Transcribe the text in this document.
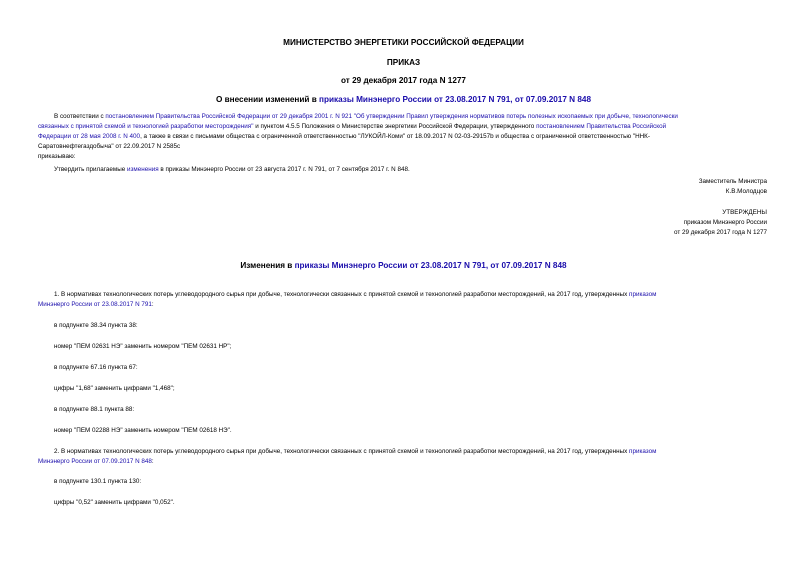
МИНИСТЕРСТВО ЭНЕРГЕТИКИ РОССИЙСКОЙ ФЕДЕРАЦИИ
ПРИКАЗ
от 29 декабря 2017 года N 1277
О внесении изменений в приказы Минэнерго России от 23.08.2017 N 791, от 07.09.2017 N 848
В соответствии с постановлением Правительства Российской Федерации от 29 декабря 2001 г. N 921 "Об утверждении Правил утверждения нормативов потерь полезных ископаемых при добыче, технологически
связанных с принятой схемой и технологией разработки месторождения" и пунктом 4.5.5 Положения о Министерстве энергетики Российской Федерации, утвержденного постановлением Правительства Российской
Федерации от 28 мая 2008 г. N 400, а также в связи с письмами общества с ограниченной ответственностью "ЛУКОЙЛ-Коми" от 18.09.2017 N 02-03-29157b и общества с ограниченной ответственностью "ННК-
Саратовнефтегаздобыча" от 22.09.2017 N 2585с
приказываю:
Утвердить прилагаемые изменения в приказы Минэнерго России от 23 августа 2017 г. N 791, от 7 сентября 2017 г. N 848.
Заместитель Министра
К.В.Молодцов
УТВЕРЖДЕНЫ
приказом Минэнерго России
от 29 декабря 2017 года N 1277
Изменения в приказы Минэнерго России от 23.08.2017 N 791, от 07.09.2017 N 848
1. В нормативах технологических потерь углеводородного сырья при добыче, технологически связанных с принятой схемой и технологией разработки месторождений, на 2017 год, утвержденных приказом
Минэнерго России от 23.08.2017 N 791:
в подпункте 38.34 пункта 38:
номер "ПЕМ 02631 НЭ" заменить номером "ПЕМ 02631 НР";
в подпункте 67.16 пункта 67:
цифры "1,68" заменить цифрами "1,468";
в подпункте 88.1 пункта 88:
номер "ПЕМ 02288 НЭ" заменить номером "ПЕМ 02618 НЭ".
2. В нормативах технологических потерь углеводородного сырья при добыче, технологически связанных с принятой схемой и технологией разработки месторождений, на 2017 год, утвержденных приказом
Минэнерго России от 07.09.2017 N 848:
в подпункте 130.1 пункта 130:
цифры "0,52" заменить цифрами "0,052".
